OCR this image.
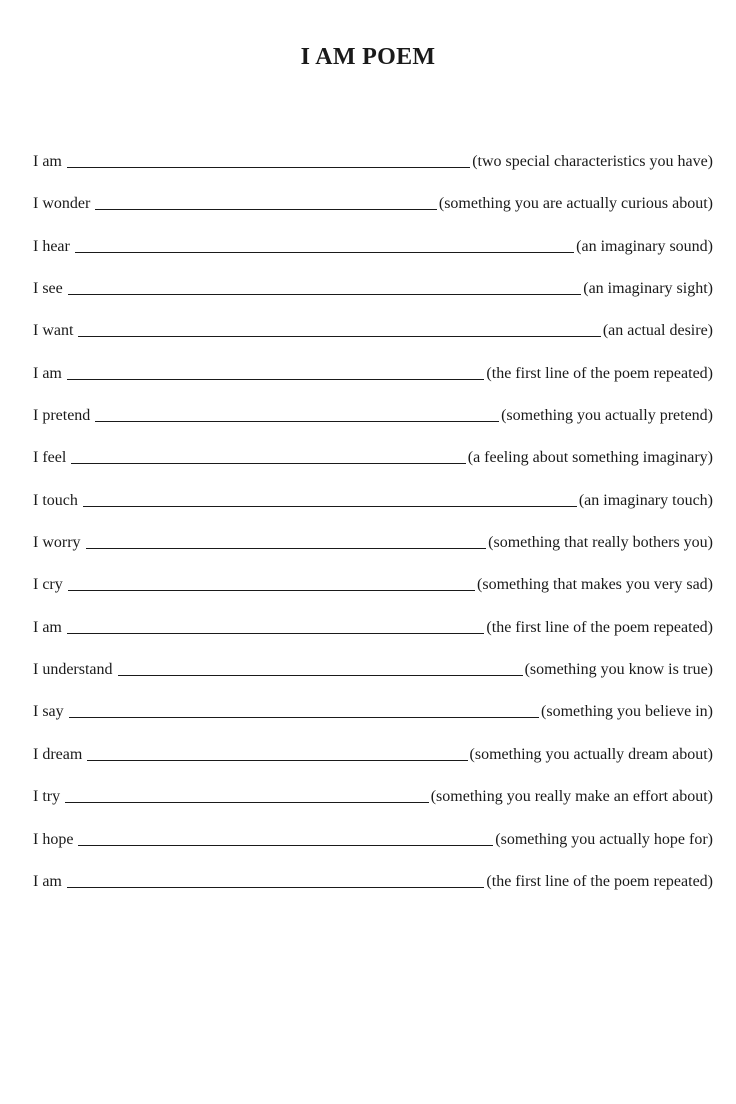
I AM POEM
I am	(two special characteristics you have)
I wonder	(something you are actually curious about)
I hear	(an imaginary sound)
I see	(an imaginary sight)
I want	(an actual desire)
I am	(the first line of the poem repeated)
I pretend	(something you actually pretend)
I feel	(a feeling about something imaginary)
I touch	(an imaginary touch)
I worry	(something that really bothers you)
I cry	(something that makes you very sad)
I am	(the first line of the poem repeated)
I understand	(something you know is true)
I say	(something you believe in)
I dream	(something you actually dream about)
I try	(something you really make an effort about)
I hope	(something you actually hope for)
I am	(the first line of the poem repeated)
